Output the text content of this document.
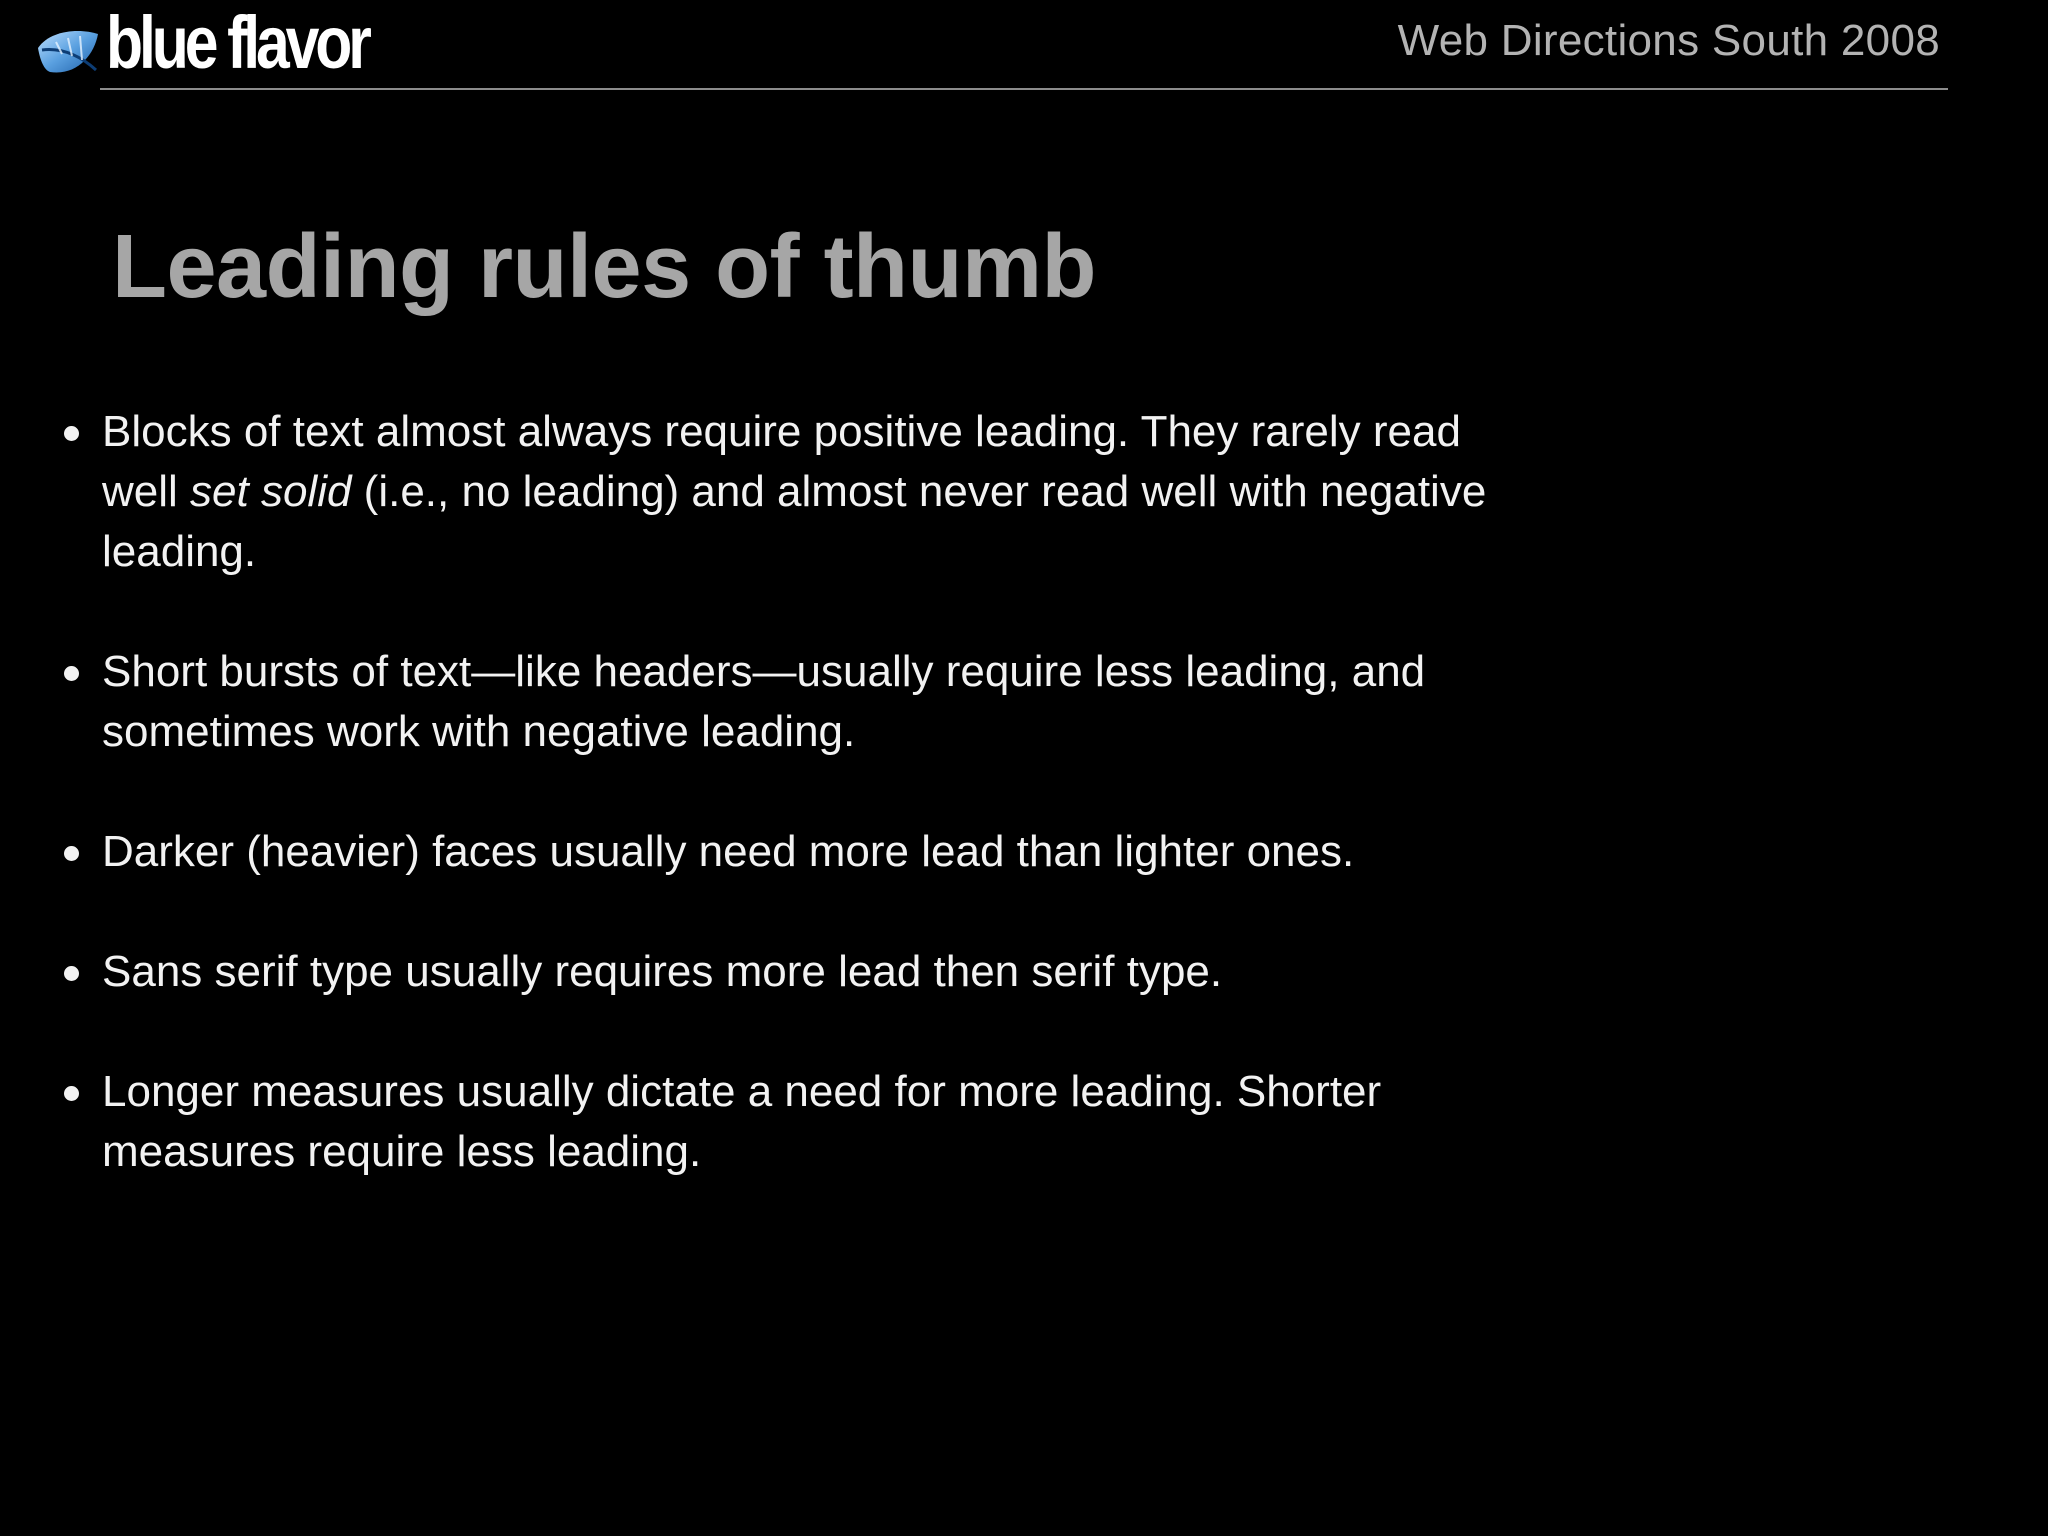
blue flavor	Web Directions South 2008
Leading rules of thumb
Blocks of text almost always require positive leading. They rarely read well set solid (i.e., no leading) and almost never read well with negative leading.
Short bursts of text—like headers—usually require less leading, and sometimes work with negative leading.
Darker (heavier) faces usually need more lead than lighter ones.
Sans serif type usually requires more lead then serif type.
Longer measures usually dictate a need for more leading. Shorter measures require less leading.
